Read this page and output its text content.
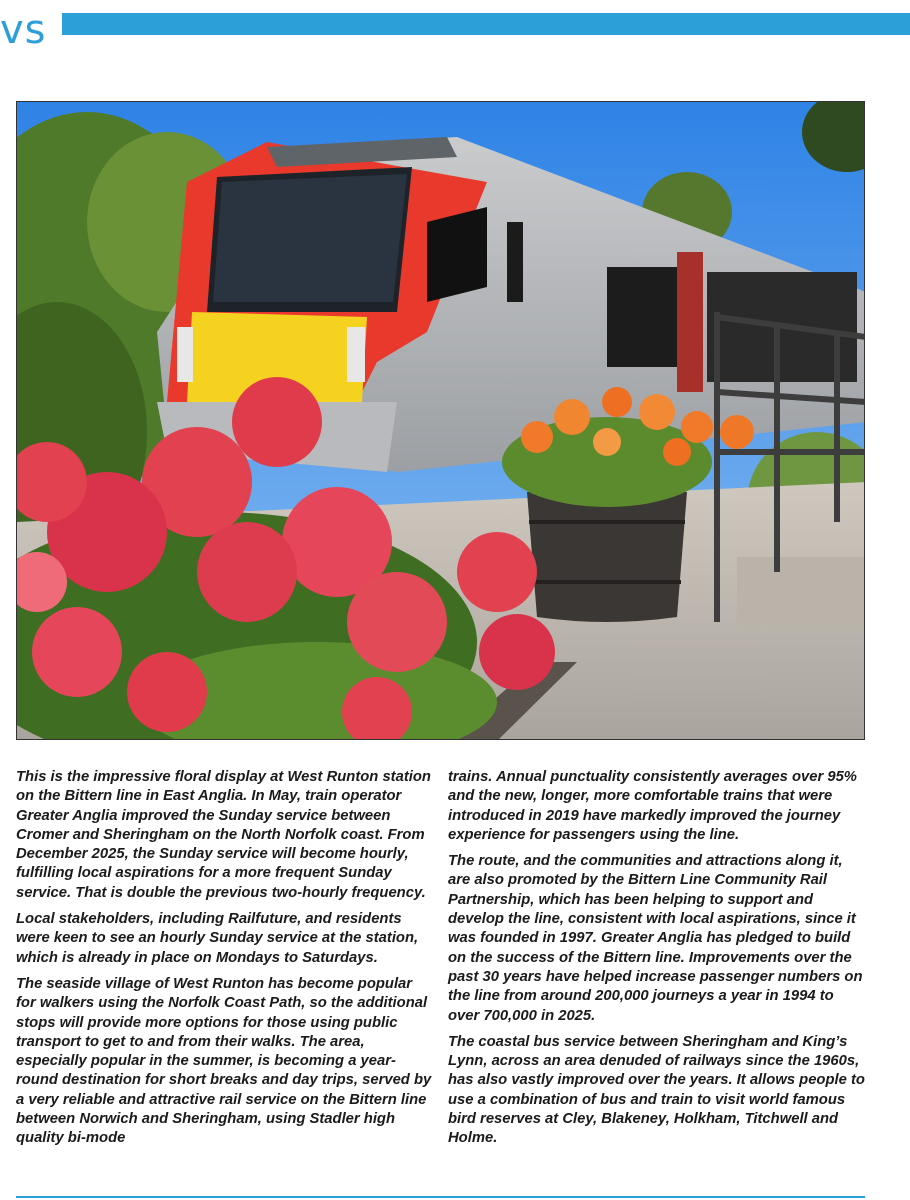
vs

This is the impressive floral display at West Runton station on the Bittern line in East Anglia. In May, train operator Greater Anglia improved the Sunday service between Cromer and Sheringham on the North Norfolk coast. From December 2025, the Sunday service will become hourly, fulfilling local aspirations for a more frequent Sunday service. That is double the previous two-hourly frequency.

Local stakeholders, including Railfuture, and residents were keen to see an hourly Sunday service at the station, which is already in place on Mondays to Saturdays.

The seaside village of West Runton has become popular for walkers using the Norfolk Coast Path, so the additional stops will provide more options for those using public transport to get to and from their walks. The area, especially popular in the summer, is becoming a year-round destination for short breaks and day trips, served by a very reliable and attractive rail service on the Bittern line between Norwich and Sheringham, using Stadler high quality bi-mode

trains. Annual punctuality consistently averages over 95% and the new, longer, more comfortable trains that were introduced in 2019 have markedly improved the journey experience for passengers using the line.

The route, and the communities and attractions along it, are also promoted by the Bittern Line Community Rail Partnership, which has been helping to support and develop the line, consistent with local aspirations, since it was founded in 1997. Greater Anglia has pledged to build on the success of the Bittern line. Improvements over the past 30 years have helped increase passenger numbers on the line from around 200,000 journeys a year in 1994 to over 700,000 in 2025.

The coastal bus service between Sheringham and King’s Lynn, across an area denuded of railways since the 1960s, has also vastly improved over the years. It allows people to use a combination of bus and train to visit world famous bird reserves at Cley, Blakeney, Holkham, Titchwell and Holme.
